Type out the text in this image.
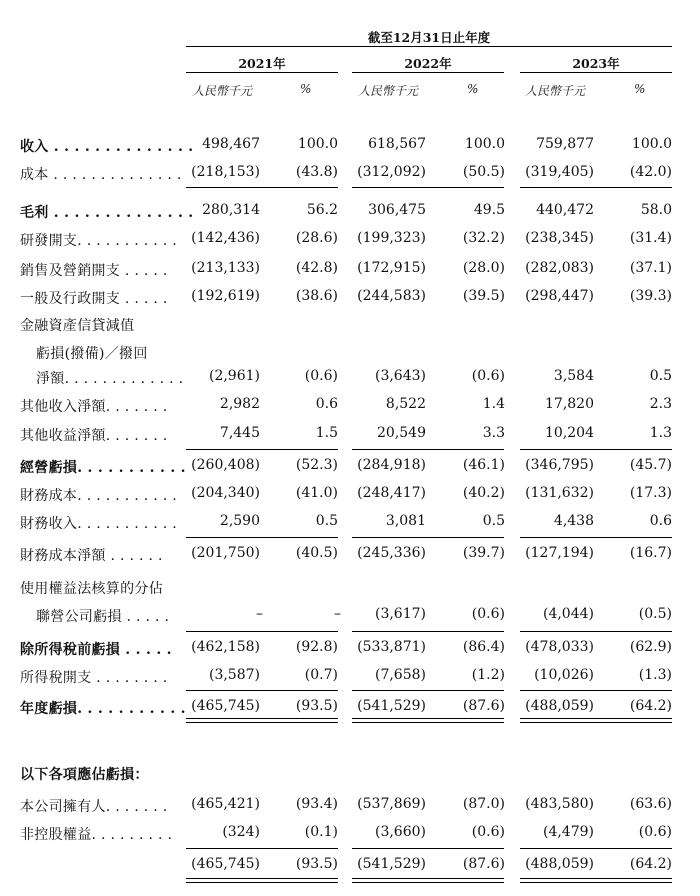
截至12月31日止年度
2021年	2022年	2023年
人民幣千元	%	人民幣千元	%	人民幣千元	%
收入 . . . . . . . . . . . . . . 498,467	100.0	618,567	100.0	759,877	100.0
成本 . . . . . . . . . . . . . . (218,153)	(43.8)	(312,092)	(50.5)	(319,405)	(42.0)
毛利 . . . . . . . . . . . . . . 280,314	56.2	306,475	49.5	440,472	58.0
研發開支. . . . . . . . . . .	(142,436)	(28.6)	(199,323)	(32.2)	(238,345)	(31.4)
銷售及營銷開支 . . . . .	(213,133)	(42.8)	(172,915)	(28.0)	(282,083)	(37.1)
一般及行政開支 . . . . .	(192,619)	(38.6)	(244,583)	(39.5)	(298,447)	(39.3)
金融資產信貸減值
虧損(撥備)／撥回
淨額. . . . . . . . . . . . .	(2,961)	(0.6)	(3,643)	(0.6)	3,584	0.5
其他收入淨額. . . . . . .	2,982	0.6	8,522	1.4	17,820	2.3
其他收益淨額. . . . . . .	7,445	1.5	20,549	3.3	10,204	1.3
經營虧損. . . . . . . . . . . (260,408)	(52.3)	(284,918)	(46.1)	(346,795)	(45.7)
財務成本. . . . . . . . . . .	(204,340)	(41.0)	(248,417)	(40.2)	(131,632)	(17.3)
財務收入. . . . . . . . . . .	2,590	0.5	3,081	0.5	4,438	0.6
財務成本淨額 . . . . . .	(201,750)	(40.5)	(245,336)	(39.7)	(127,194)	(16.7)
使用權益法核算的分佔
聯營公司虧損 . . . . .	–	–	(3,617)	(0.6)	(4,044)	(0.5)
除所得稅前虧損 . . . . .	(462,158)	(92.8)	(533,871)	(86.4)	(478,033)	(62.9)
所得稅開支 . . . . . . . .	(3,587)	(0.7)	(7,658)	(1.2)	(10,026)	(1.3)
年度虧損. . . . . . . . . . . (465,745)	(93.5)	(541,529)	(87.6)	(488,059)	(64.2)
以下各項應佔虧損：
本公司擁有人. . . . . . .	(465,421)	(93.4)	(537,869)	(87.0)	(483,580)	(63.6)
非控股權益. . . . . . . . .	(324)	(0.1)	(3,660)	(0.6)	(4,479)	(0.6)
(465,745)	(93.5)	(541,529)	(87.6)	(488,059)	(64.2)
